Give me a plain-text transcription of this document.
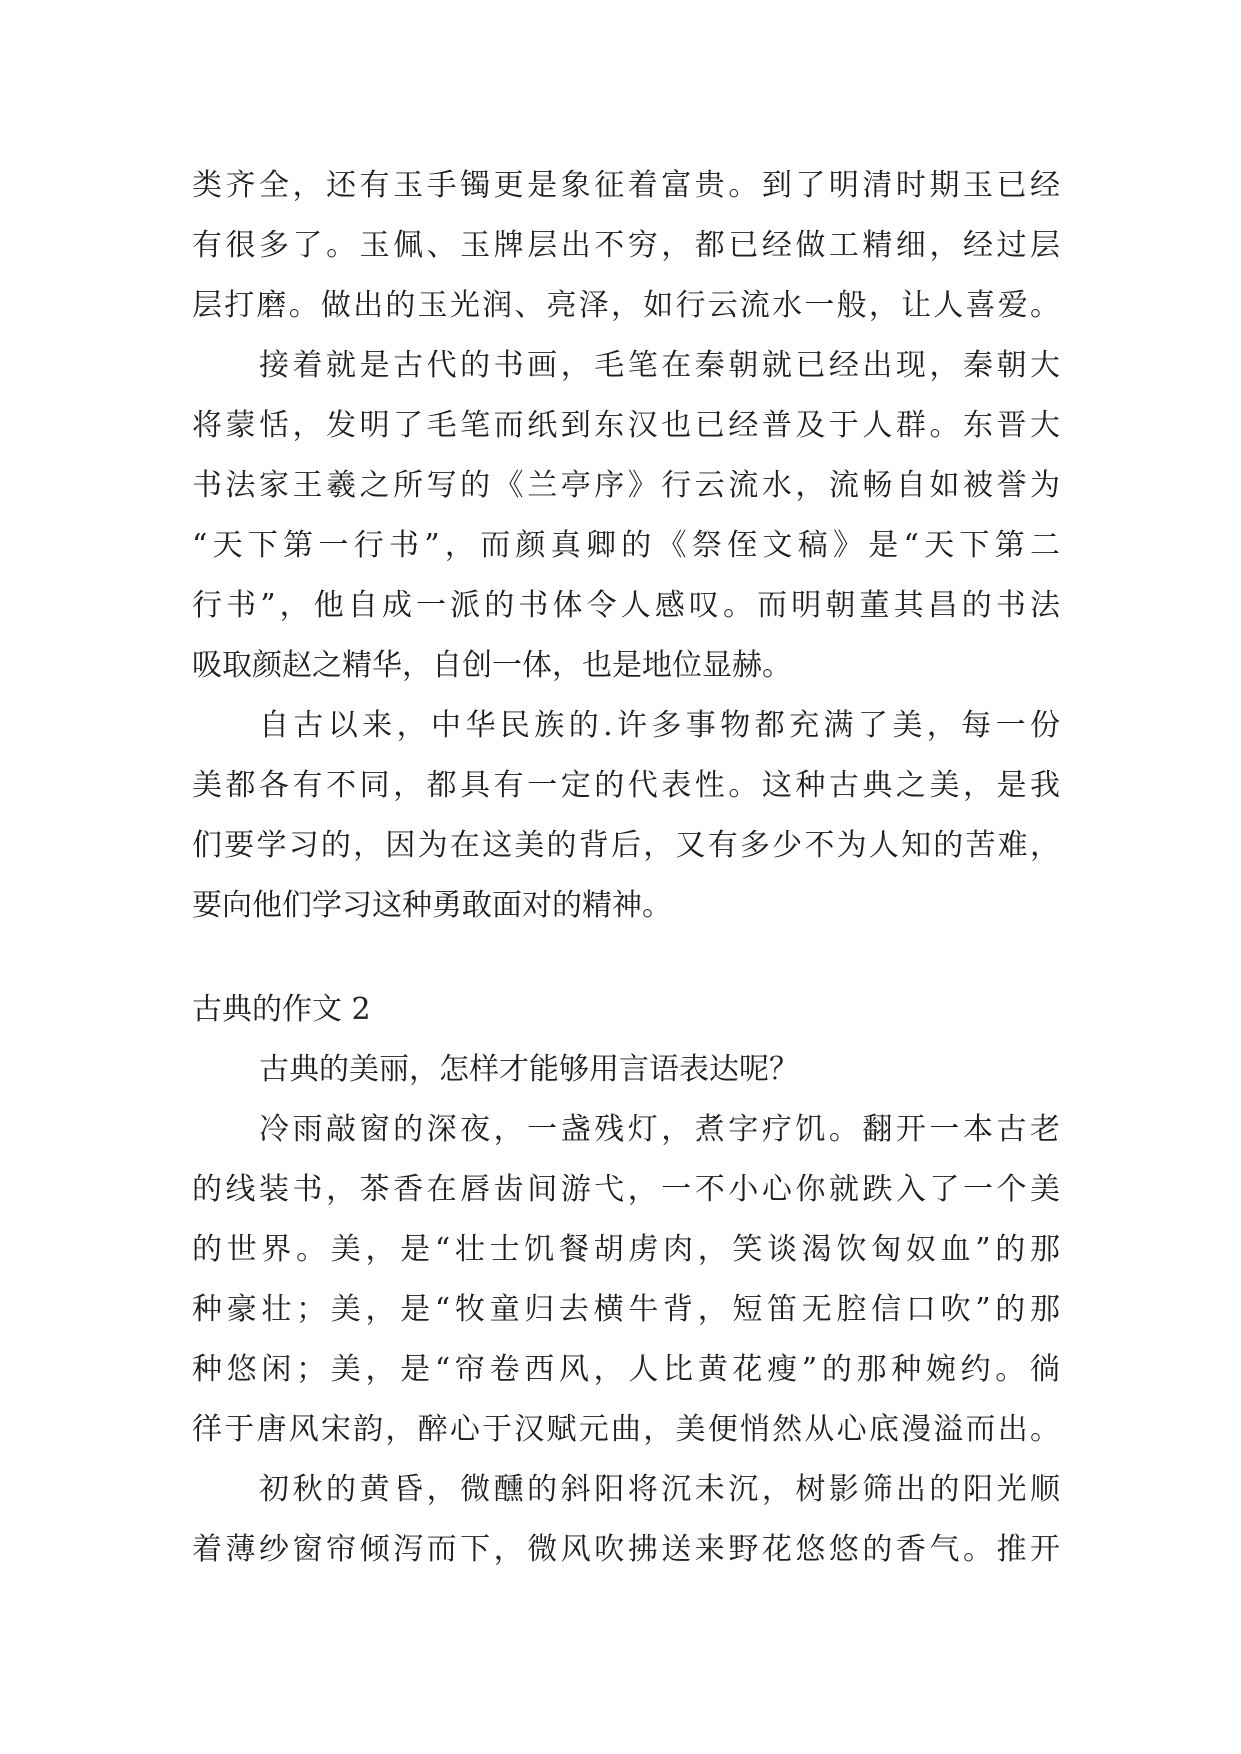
类齐全，还有玉手镯更是象征着富贵。到了明清时期玉已经
有很多了。玉佩、玉牌层出不穷，都已经做工精细，经过层
层打磨。做出的玉光润、亮泽，如行云流水一般，让人喜爱。

接着就是古代的书画，毛笔在秦朝就已经出现，秦朝大
将蒙恬，发明了毛笔而纸到东汉也已经普及于人群。东晋大
书法家王羲之所写的《兰亭序》行云流水，流畅自如被誉为
“天下第一行书”，而颜真卿的《祭侄文稿》是“天下第二
行书”，他自成一派的书体令人感叹。而明朝董其昌的书法
吸取颜赵之精华，自创一体，也是地位显赫。

自古以来，中华民族的.许多事物都充满了美，每一份
美都各有不同，都具有一定的代表性。这种古典之美，是我
们要学习的，因为在这美的背后，又有多少不为人知的苦难，
要向他们学习这种勇敢面对的精神。

古典的作文 2

古典的美丽，怎样才能够用言语表达呢？

冷雨敲窗的深夜，一盏残灯，煮字疗饥。翻开一本古老
的线装书，茶香在唇齿间游弋，一不小心你就跌入了一个美
的世界。美，是“壮士饥餐胡虏肉，笑谈渴饮匈奴血”的那
种豪壮；美，是“牧童归去横牛背，短笛无腔信口吹”的那
种悠闲；美，是“帘卷西风，人比黄花瘦”的那种婉约。徜
徉于唐风宋韵，醉心于汉赋元曲，美便悄然从心底漫溢而出。

初秋的黄昏，微醺的斜阳将沉未沉，树影筛出的阳光顺
着薄纱窗帘倾泻而下，微风吹拂送来野花悠悠的香气。推开
